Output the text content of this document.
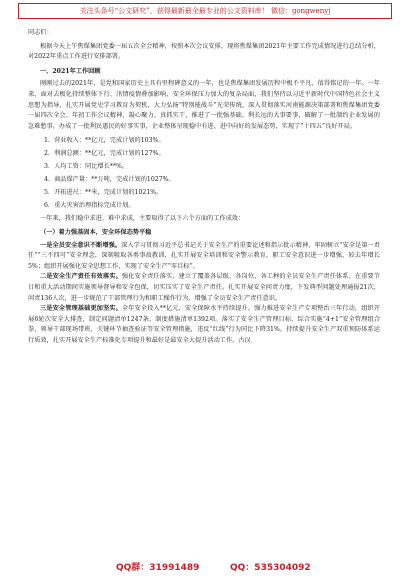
关注头条号“公文研究”，获得最新最全最专业的公文资料库！ 微信：gongwenyj

同志们：

根据今天上午焦煤集团党委一届五次全会精神，按照本次会议安排，现将焦煤集团2021年主要工作完成情况进行总结分析，对2022年重点工作进行安排部署。

一、2021年工作回顾

刚刚过去的2021年，是党和国家历史上具有里程碑意义的一年，也是焦煤集团发展历程中极不平凡、值得铭记的一年。一年来，面对去极化持续整体下行、汛情疫情叠加影响、安全环保压力加大的复杂局面，我们坚持以习近平新时代中国特色社会主义思想为指导，扎实开展党史学习教育为契机，大力弘扬“特别能战斗”光荣传统，深入贯彻落实河南能源决策部署和焦煤集团党委一届四次全会、年初工作会议精神，凝心聚力、真抓实干，推进了一批强基础、利长远的大事要事，破解了一批制约企业发展的急难愁事，办成了一批利民惠民的好事实事，企业整体呈现稳中有进、进中向好的发展态势，实现了“十四五”良好开局。

1．营业收入：**亿元，完成计划的103%。
2．利润总额：**亿元，完成计划的127%。
3．人均工资：同比增长**%。
4．商品煤产量：**万吨，完成计划的1027%。
5．开拓进尺：**米，完成计划的1021%。
6．重大灾害治理指标完成计划。

一年来，我们稳中求进、难中求成，主要取得了以下六个方面的工作成效：

（一）着力强基固本，安全环保态势平稳

一是全员安全意识不断增强。深入学习贯彻习近平总书记关于安全生产的重要论述和指示批示精神，牢固树立“安全是第一责任”“三不四可”安全理念，深刻吸取各类事故教训，扎实开展安全培训和安全警示教育，职工安全意识进一步增强，较去年增长5%；组织开展强化安全思想工作，实现了安全生产“零目标”。

二是安全生产责任有效落实。强化安全责任落实，建立了覆盖各层级、各岗位、各工种的全员安全生产责任体系。在重要节日和重大活动期间实施领导督导和安全包保，切实压实了安全生产责任。扎实开展安全问责力度，下发典型问题处理通报21次，问责136人次，进一步规范了干部管理行为和职工操作行为，增强了全员安全生产责任意识。

三是安全管理基础更加坚实。全年安全投入**亿元，安全保障水平持续提升。强力推进安全生产专项整治三年行动，组织开展6轮次安全大排查，制定问题清单1247条、制度措施清单1392项。落实了安全生产管理目标，综合实施“4+1”安全管理组合拳，领导干部现场带班，关键环节抽查验证等安全管理措施，违反“红线”行为同比下降31%。持续提升安全生产双重预防体系运行质效，扎实开展安全生产标准化专项提升和最好是最安全大提升活动工作，古汉

QQ群：31991489	QQ：535304092
